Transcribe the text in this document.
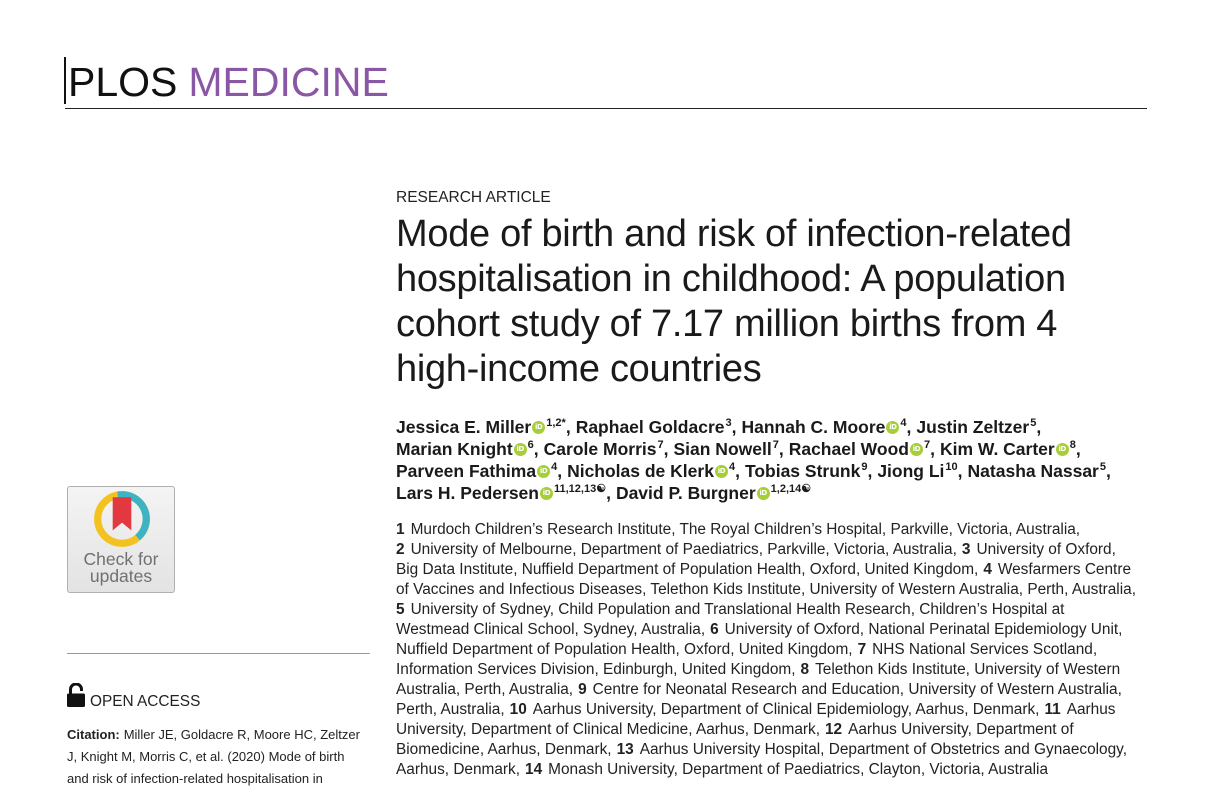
PLOS MEDICINE
Check for
updates
OPEN ACCESS
Citation: Miller JE, Goldacre R, Moore HC, Zeltzer
J, Knight M, Morris C, et al. (2020) Mode of birth
and risk of infection-related hospitalisation in
RESEARCH ARTICLE
Mode of birth and risk of infection-related
hospitalisation in childhood: A population
cohort study of 7.17 million births from 4
high-income countries
Jessica E. Miller iD $^{1,2*}$, Raphael Goldacre$^3$, Hannah C. Moore iD $^4$, Justin Zeltzer$^5$,
Marian Knight iD $^6$, Carole Morris$^7$, Sian Nowell$^7$, Rachael Wood iD $^7$, Kim W. Carter iD $^8$,
Parveen Fathima iD $^4$, Nicholas de Klerk iD $^4$, Tobias Strunk$^9$, Jiong Li$^{10}$, Natasha Nassar$^5$,
Lars H. Pedersen iD $^{11,12,13☯}$, David P. Burgner iD $^{1,2,14☯}$
1 Murdoch Children’s Research Institute, The Royal Children’s Hospital, Parkville, Victoria, Australia,
2 University of Melbourne, Department of Paediatrics, Parkville, Victoria, Australia, 3 University of Oxford,
Big Data Institute, Nuffield Department of Population Health, Oxford, United Kingdom, 4 Wesfarmers Centre
of Vaccines and Infectious Diseases, Telethon Kids Institute, University of Western Australia, Perth, Australia,
5 University of Sydney, Child Population and Translational Health Research, Children’s Hospital at
Westmead Clinical School, Sydney, Australia, 6 University of Oxford, National Perinatal Epidemiology Unit,
Nuffield Department of Population Health, Oxford, United Kingdom, 7 NHS National Services Scotland,
Information Services Division, Edinburgh, United Kingdom, 8 Telethon Kids Institute, University of Western
Australia, Perth, Australia, 9 Centre for Neonatal Research and Education, University of Western Australia,
Perth, Australia, 10 Aarhus University, Department of Clinical Epidemiology, Aarhus, Denmark, 11 Aarhus
University, Department of Clinical Medicine, Aarhus, Denmark, 12 Aarhus University, Department of
Biomedicine, Aarhus, Denmark, 13 Aarhus University Hospital, Department of Obstetrics and Gynaecology,
Aarhus, Denmark, 14 Monash University, Department of Paediatrics, Clayton, Victoria, Australia
